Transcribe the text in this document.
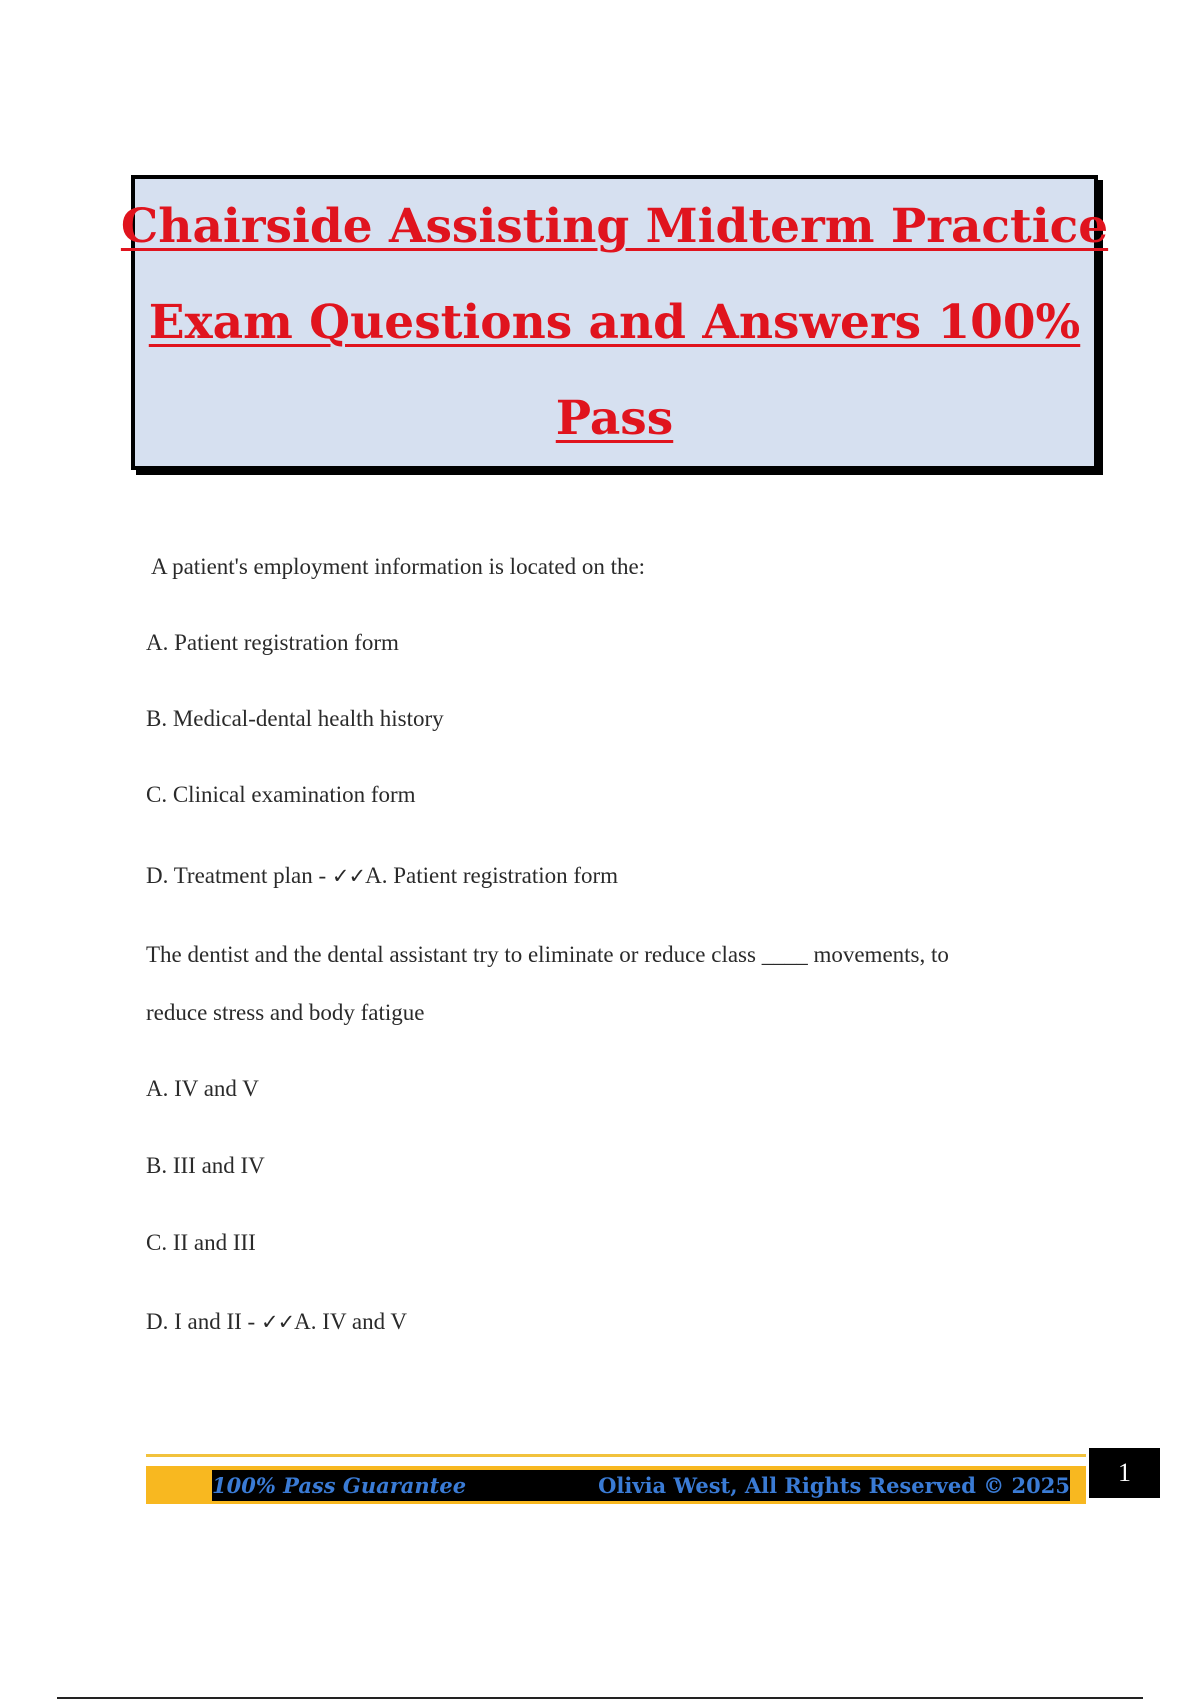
Chairside Assisting Midterm Practice
Exam Questions and Answers 100%
Pass
A patient's employment information is located on the:
A. Patient registration form
B. Medical-dental health history
C. Clinical examination form
D. Treatment plan - ✓✓A. Patient registration form
The dentist and the dental assistant try to eliminate or reduce class ____ movements, to
reduce stress and body fatigue
A. IV and V
B. III and IV
C. II and III
D. I and II - ✓✓A. IV and V
100% Pass Guarantee	Olivia West, All Rights Reserved © 2025	1
